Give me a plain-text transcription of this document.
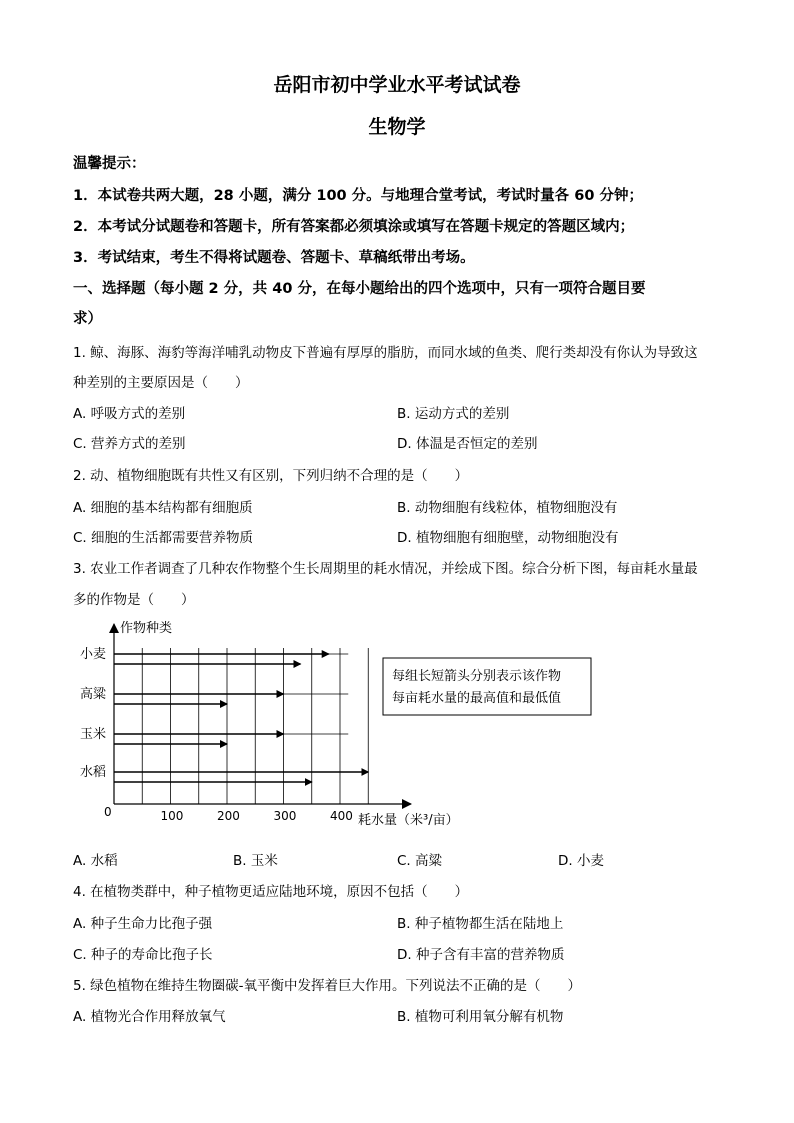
岳阳市初中学业水平考试试卷
生物学
温馨提示：
1．本试卷共两大题，28 小题，满分 100 分。与地理合堂考试，考试时量各 60 分钟；
2．本考试分试题卷和答题卡，所有答案都必须填涂或填写在答题卡规定的答题区域内；
3．考试结束，考生不得将试题卷、答题卡、草稿纸带出考场。
一、选择题（每小题 2 分，共 40 分，在每小题给出的四个选项中，只有一项符合题目要
求）
1. 鲸、海豚、海豹等海洋哺乳动物皮下普遍有厚厚的脂肪，而同水域的鱼类、爬行类却没有你认为导致这
种差别的主要原因是（　　）
A. 呼吸方式的差别	B. 运动方式的差别
C. 营养方式的差别	D. 体温是否恒定的差别
2. 动、植物细胞既有共性又有区别，下列归纳不合理的是（　　）
A. 细胞的基本结构都有细胞质	B. 动物细胞有线粒体，植物细胞没有
C. 细胞的生活都需要营养物质	D. 植物细胞有细胞壁，动物细胞没有
3. 农业工作者调查了几种农作物整个生长周期里的耗水情况，并绘成下图。综合分析下图，每亩耗水量最
多的作物是（　　）
作物种类
耗水量（米³/亩）
0	100	200	300	400
小麦
高粱
玉米
水稻
每组长短箭头分别表示该作物
每亩耗水量的最高值和最低值
A. 水稻	B. 玉米	C. 高粱	D. 小麦
4. 在植物类群中，种子植物更适应陆地环境，原因不包括（　　）
A. 种子生命力比孢子强	B. 种子植物都生活在陆地上
C. 种子的寿命比孢子长	D. 种子含有丰富的营养物质
5. 绿色植物在维持生物圈碳-氧平衡中发挥着巨大作用。下列说法不正确的是（　　）
A. 植物光合作用释放氧气	B. 植物可利用氧分解有机物
